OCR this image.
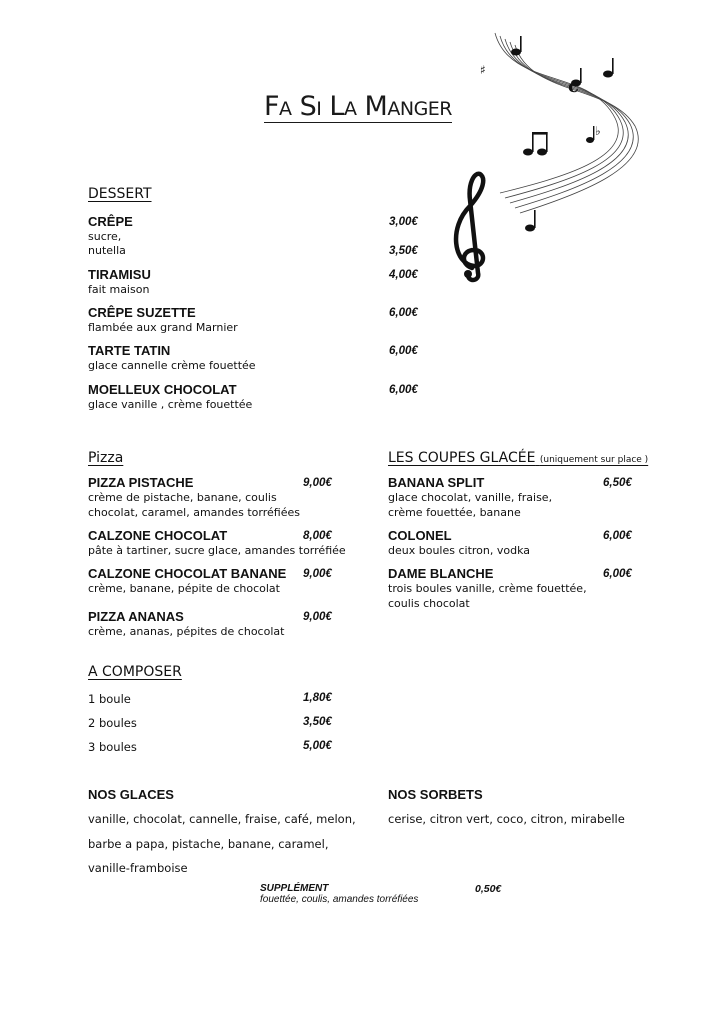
Fa Si La Manger
♯
♭
c
DESSERT
CRÊPE
sucre,
3,00€
nutella	3,50€
TIRAMISU
fait maison
4,00€
CRÊPE SUZETTE
flambée aux grand Marnier
6,00€
TARTE TATIN
glace cannelle crème fouettée
6,00€
MOELLEUX CHOCOLAT
glace vanille , crème fouettée
6,00€
Pizza
PIZZA PISTACHE
crème de pistache, banane, coulis
chocolat, caramel, amandes torréfiées
9,00€
CALZONE CHOCOLAT
pâte à tartiner, sucre glace, amandes torréfiée
8,00€
CALZONE CHOCOLAT BANANE
crème, banane, pépite de chocolat
9,00€
PIZZA ANANAS
crème, ananas, pépites de chocolat
9,00€
LES COUPES GLACÉE (uniquement sur place )
BANANA SPLIT
glace chocolat, vanille, fraise,
crème fouettée, banane
6,50€
COLONEL
deux boules citron, vodka
6,00€
DAME BLANCHE
trois boules vanille, crème fouettée,
coulis chocolat
6,00€
A COMPOSER
1 boule	1,80€
2 boules	3,50€
3 boules	5,00€
NOS GLACES
vanille, chocolat, cannelle, fraise, café, melon,
barbe a papa, pistache, banane, caramel,
vanille-framboise
NOS SORBETS
cerise, citron vert, coco, citron, mirabelle
SUPPLÉMENT
fouettée, coulis, amandes torréfiées
0,50€
